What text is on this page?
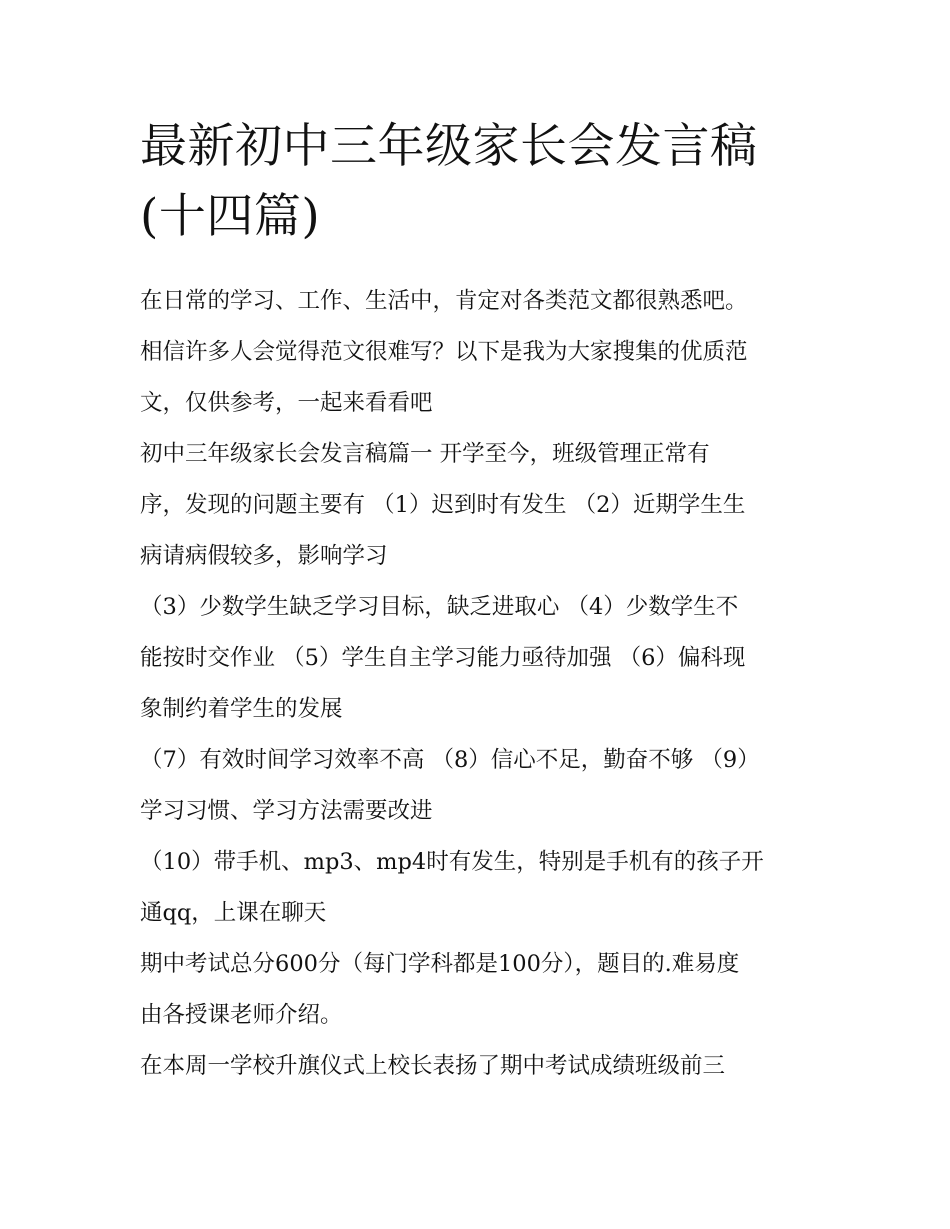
最新初中三年级家长会发言稿
(十四篇)
在日常的学习、工作、生活中，肯定对各类范文都很熟悉吧。
相信许多人会觉得范文很难写？以下是我为大家搜集的优质范
文，仅供参考，一起来看看吧
初中三年级家长会发言稿篇一 开学至今，班级管理正常有
序，发现的问题主要有 （1）迟到时有发生 （2）近期学生生
病请病假较多，影响学习
（3）少数学生缺乏学习目标，缺乏进取心 （4）少数学生不
能按时交作业 （5）学生自主学习能力亟待加强 （6）偏科现
象制约着学生的发展
（7）有效时间学习效率不高 （8）信心不足，勤奋不够 （9）
学习习惯、学习方法需要改进
（10）带手机、mp3、mp4时有发生，特别是手机有的孩子开
通qq，上课在聊天
期中考试总分600分（每门学科都是100分），题目的.难易度
由各授课老师介绍。
在本周一学校升旗仪式上校长表扬了期中考试成绩班级前三
